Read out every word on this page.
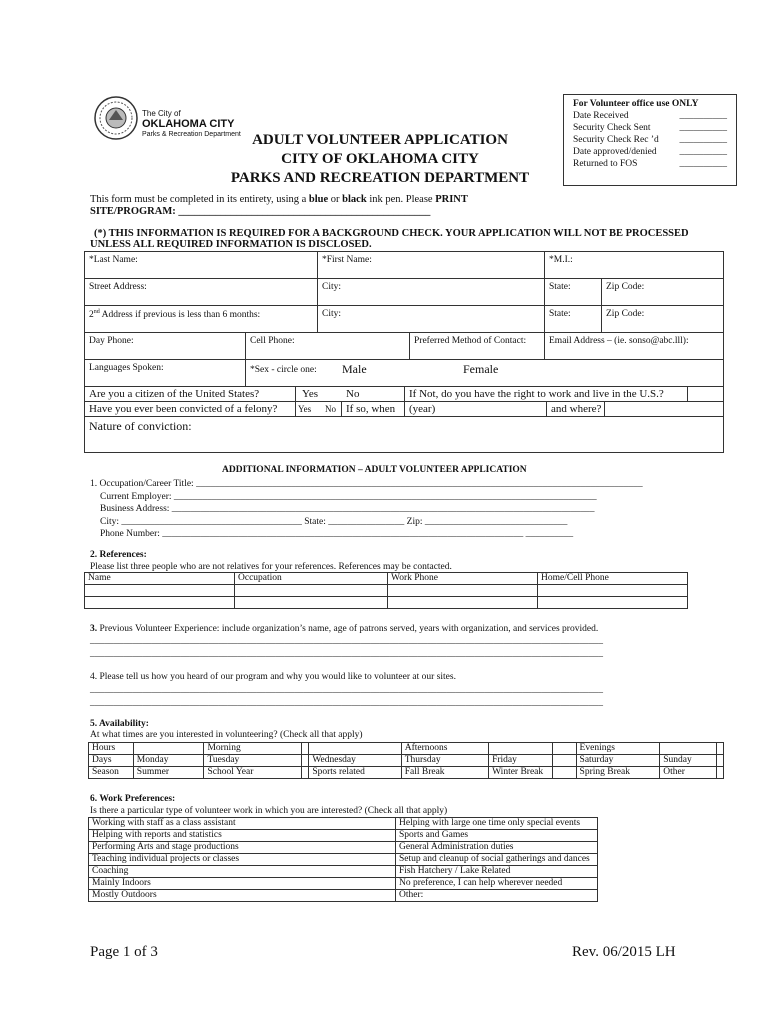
The City of
OKLAHOMA CITY
Parks & Recreation Department ADULT VOLUNTEER APPLICATION
CITY OF OKLAHOMA CITY
PARKS AND RECREATION DEPARTMENT
For Volunteer office use ONLY
Date Received	__________
Security Check Sent	__________
Security Check Rec ’d __________
Date approved/denied __________
Returned to FOS	__________
This form must be completed in its entirety, using a blue or black ink pen. Please PRINT
SITE/PROGRAM: ________________________________________________
(*) THIS INFORMATION IS REQUIRED FOR A BACKGROUND CHECK. YOUR APPLICATION WILL NOT BE PROCESSED
UNLESS ALL REQUIRED INFORMATION IS DISCLOSED.
*Last Name:	*First Name:	*M.I.:
Street Address:	City:	State:	Zip Code:
2nd Address if previous is less than 6 months:	City:	State:	Zip Code:
Day Phone:	Cell Phone:	Preferred Method of Contact:	Email Address – (ie. sonso@abc.lll):
Languages Spoken:	*Sex - circle one: Male	Female
Are you a citizen of the United States?	Yes	No	If Not, do you have the right to work and live in the U.S.?
Have you ever been convicted of a felony?	Yes No If so, when	(year)	and where?
Nature of conviction:
ADDITIONAL INFORMATION – ADULT VOLUNTEER APPLICATION
1. Occupation/Career Title: ______________________________________________________________________________________________
Current Employer: _________________________________________________________________________________________
Business Address: _________________________________________________________________________________________
City: ______________________________________ State: ________________ Zip: ______________________________
Phone Number: ____________________________________________________________________________ __________
2. References:
Please list three people who are not relatives for your references. References may be contacted.
Name	Occupation	Work Phone	Home/Cell Phone

3. Previous Volunteer Experience: include organization’s name, age of patrons served, years with organization, and services provided.
____________________________________________________________________________________________________________
____________________________________________________________________________________________________________
4. Please tell us how you heard of our program and why you would like to volunteer at our sites.
____________________________________________________________________________________________________________
____________________________________________________________________________________________________________
5. Availability:
At what times are you interested in volunteering? (Check all that apply)
Hours		Morning			Afternoons			Evenings		
Days	Monday	Tuesday		Wednesday	Thursday	Friday		Saturday	Sunday	
Season	Summer	School Year		Sports related	Fall Break	Winter Break		Spring Break	Other	
6. Work Preferences:
Is there a particular type of volunteer work in which you are interested? (Check all that apply)
Working with staff as a class assistant	Helping with large one time only special events
Helping with reports and statistics	Sports and Games
Performing Arts and stage productions	General Administration duties
Teaching individual projects or classes	Setup and cleanup of social gatherings and dances
Coaching	Fish Hatchery / Lake Related
Mainly Indoors	No preference, I can help wherever needed
Mostly Outdoors	Other:
Page 1 of 3	Rev. 06/2015 LH
